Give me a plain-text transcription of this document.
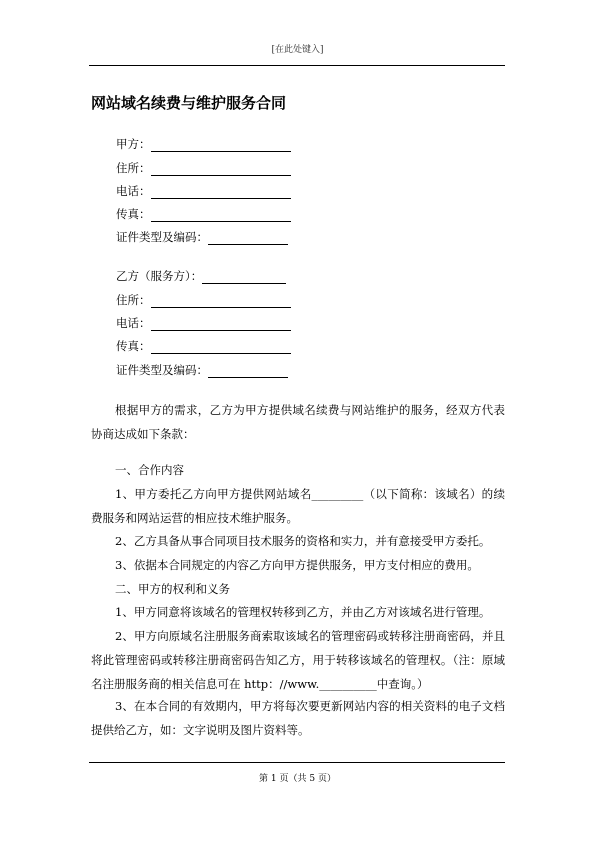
[在此处键入]
网站域名续费与维护服务合同
甲方：
住所：
电话：
传真：
证件类型及编码：
乙方（服务方）：
住所：
电话：
传真：
证件类型及编码：
根据甲方的需求，乙方为甲方提供域名续费与网站维护的服务，经双方代表协商达成如下条款：
一、合作内容
1、甲方委托乙方向甲方提供网站域名_________（以下简称：该域名）的续费服务和网站运营的相应技术维护服务。
2、乙方具备从事合同项目技术服务的资格和实力，并有意接受甲方委托。
3、依据本合同规定的内容乙方向甲方提供服务，甲方支付相应的费用。
二、甲方的权利和义务
1、甲方同意将该域名的管理权转移到乙方，并由乙方对该域名进行管理。
2、甲方向原域名注册服务商索取该域名的管理密码或转移注册商密码，并且将此管理密码或转移注册商密码告知乙方，用于转移该域名的管理权。（注：原域名注册服务商的相关信息可在 http：//www.__________中查询。）
3、在本合同的有效期内，甲方将每次要更新网站内容的相关资料的电子文档提供给乙方，如：文字说明及图片资料等。
第 1 页（共 5 页）
